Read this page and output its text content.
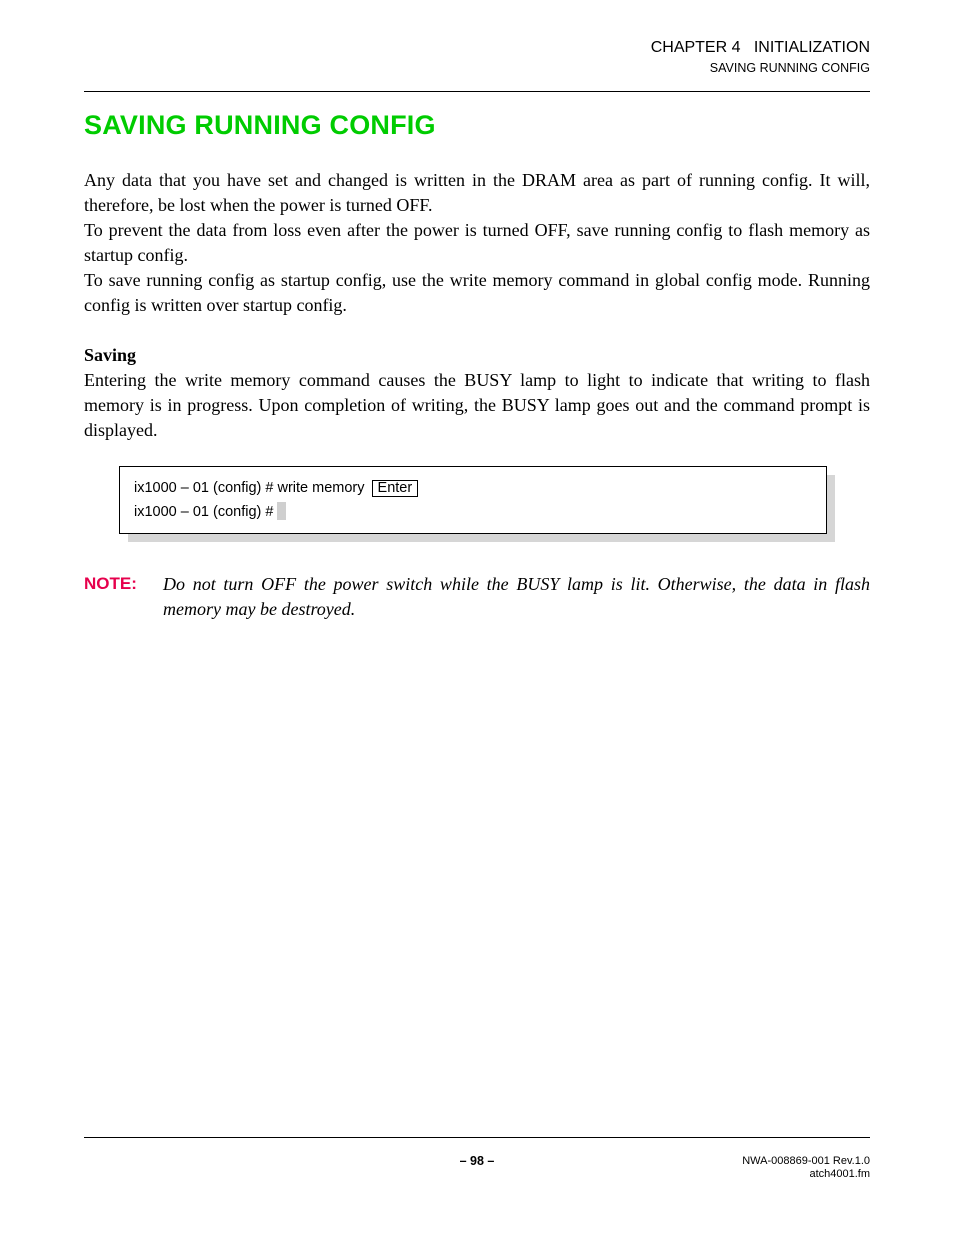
CHAPTER 4   INITIALIZATION
SAVING RUNNING CONFIG
SAVING RUNNING CONFIG

Any data that you have set and changed is written in the DRAM area as part of running config. It will, therefore, be lost when the power is turned OFF.

To prevent the data from loss even after the power is turned OFF, save running config to flash memory as startup config.

To save running config as startup config, use the write memory command in global config mode. Running config is written over startup config.

Saving

Entering the write memory command causes the BUSY lamp to light to indicate that writing to flash memory is in progress. Upon completion of writing, the BUSY lamp goes out and the command prompt is displayed.

ix1000 – 01 (config) # write memory Enter
ix1000 – 01 (config) #
NOTE: Do not turn OFF the power switch while the BUSY lamp is lit. Otherwise, the data in flash memory may be destroyed.

– 98 –	NWA-008869-001 Rev.1.0
atch4001.fm
